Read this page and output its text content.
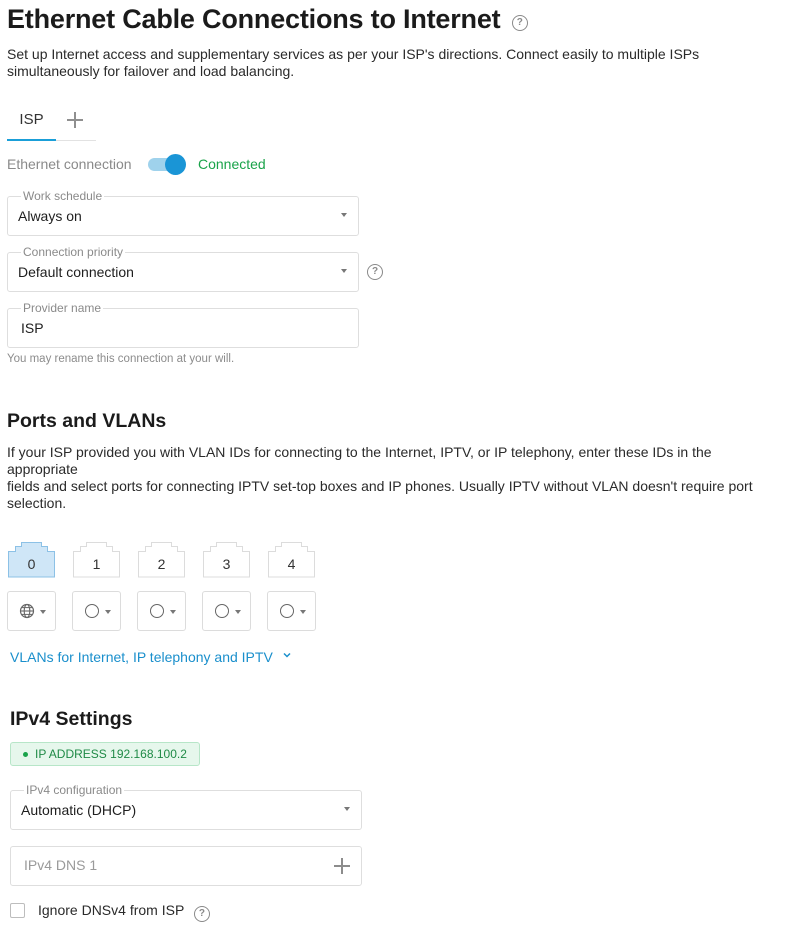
Ethernet Cable Connections to Internet ?
Set up Internet access and supplementary services as per your ISP's directions. Connect easily to multiple ISPs
simultaneously for failover and load balancing.
ISP
Ethernet connection	Connected
Work schedule
Always on
Connection priority
Default connection	?
Provider name
ISP
You may rename this connection at your will.
Ports and VLANs
If your ISP provided you with VLAN IDs for connecting to the Internet, IPTV, or IP telephony, enter these IDs in the appropriate
fields and select ports for connecting IPTV set-top boxes and IP phones. Usually IPTV without VLAN doesn't require port
selection.
0	1	2	3	4
VLANs for Internet, IP telephony and IPTV
IPv4 Settings
IP ADDRESS 192.168.100.2
IPv4 configuration
Automatic (DHCP)
IPv4 DNS 1
Ignore DNSv4 from ISP ?
